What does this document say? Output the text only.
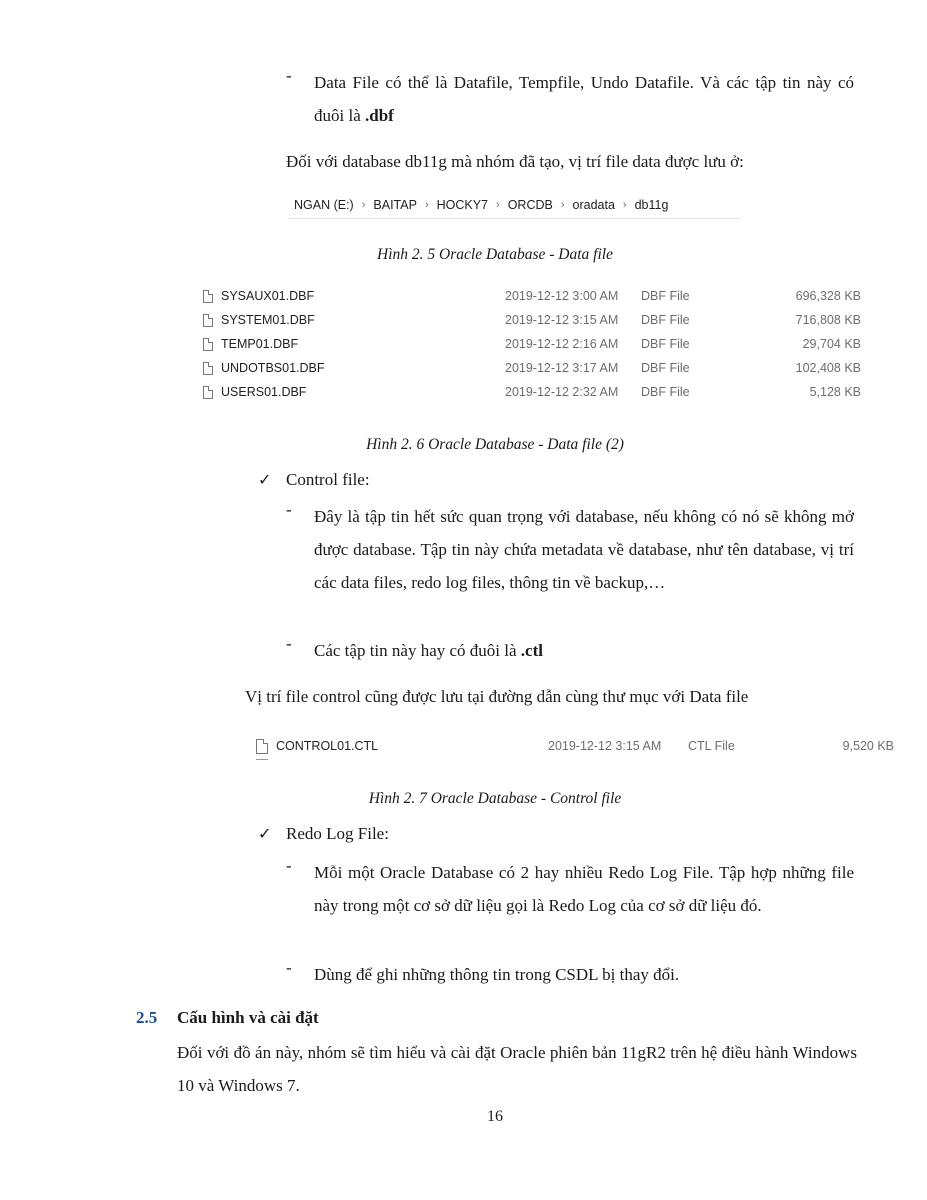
- Data File có thể là Datafile, Tempfile, Undo Datafile. Và các tập tin này có đuôi là .dbf
Đối với database db11g mà nhóm đã tạo, vị trí file data được lưu ở:
NGAN (E:) › BAITAP › HOCKY7 › ORCDB › oradata › db11g
Hình 2. 5 Oracle Database - Data file
SYSAUX01.DBF	2019-12-12 3:00 AM	DBF File	696,328 KB
SYSTEM01.DBF	2019-12-12 3:15 AM	DBF File	716,808 KB
TEMP01.DBF	2019-12-12 2:16 AM	DBF File	29,704 KB
UNDOTBS01.DBF	2019-12-12 3:17 AM	DBF File	102,408 KB
USERS01.DBF	2019-12-12 2:32 AM	DBF File	5,128 KB
Hình 2. 6 Oracle Database - Data file (2)
✓ Control file:
- Đây là tập tin hết sức quan trọng với database, nếu không có nó sẽ không mở được database. Tập tin này chứa metadata về database, như tên database, vị trí các data files, redo log files, thông tin về backup,…
- Các tập tin này hay có đuôi là .ctl
Vị trí file control cũng được lưu tại đường dẫn cùng thư mục với Data file
CONTROL01.CTL	2019-12-12 3:15 AM	CTL File	9,520 KB
Hình 2. 7 Oracle Database - Control file
✓ Redo Log File:
- Mỗi một Oracle Database có 2 hay nhiều Redo Log File. Tập hợp những file này trong một cơ sở dữ liệu gọi là Redo Log của cơ sở dữ liệu đó.
- Dùng để ghi những thông tin trong CSDL bị thay đổi.
2.5 Cấu hình và cài đặt
Đối với đồ án này, nhóm sẽ tìm hiểu và cài đặt Oracle phiên bản 11gR2 trên hệ điều hành Windows 10 và Windows 7.
16
